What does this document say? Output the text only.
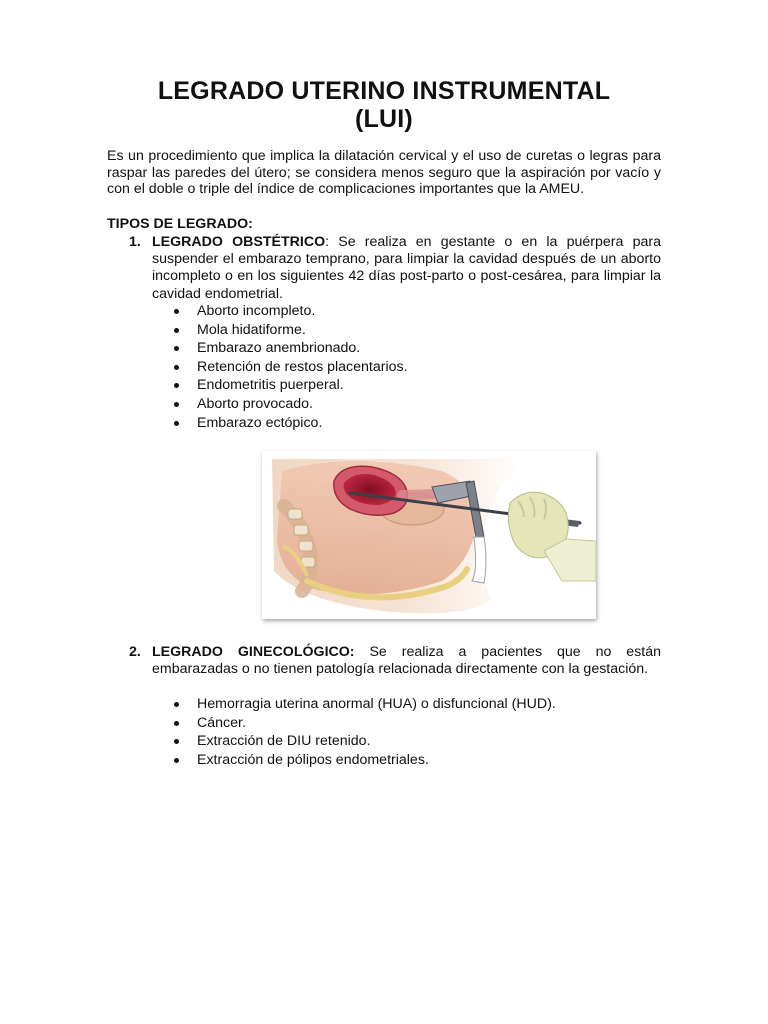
LEGRADO UTERINO INSTRUMENTAL
(LUI)

Es un procedimiento que implica la dilatación cervical y el uso de curetas o legras para raspar las paredes del útero; se considera menos seguro que la aspiración por vacío y con el doble o triple del índice de complicaciones importantes que la AMEU.

TIPOS DE LEGRADO:

1. LEGRADO OBSTÉTRICO: Se realiza en gestante o en la puérpera para suspender el embarazo temprano, para limpiar la cavidad después de un aborto incompleto o en los siguientes 42 días post-parto o post-cesárea, para limpiar la cavidad endometrial.

Aborto incompleto.
Mola hidatiforme.
Embarazo anembrionado.
Retención de restos placentarios.
Endometritis puerperal.
Aborto provocado.
Embarazo ectópico.
2. LEGRADO GINECOLÓGICO: Se realiza a pacientes que no están embarazadas o no tienen patología relacionada directamente con la gestación.

Hemorragia uterina anormal (HUA) o disfuncional (HUD).
Cáncer.
Extracción de DIU retenido.
Extracción de pólipos endometriales.
